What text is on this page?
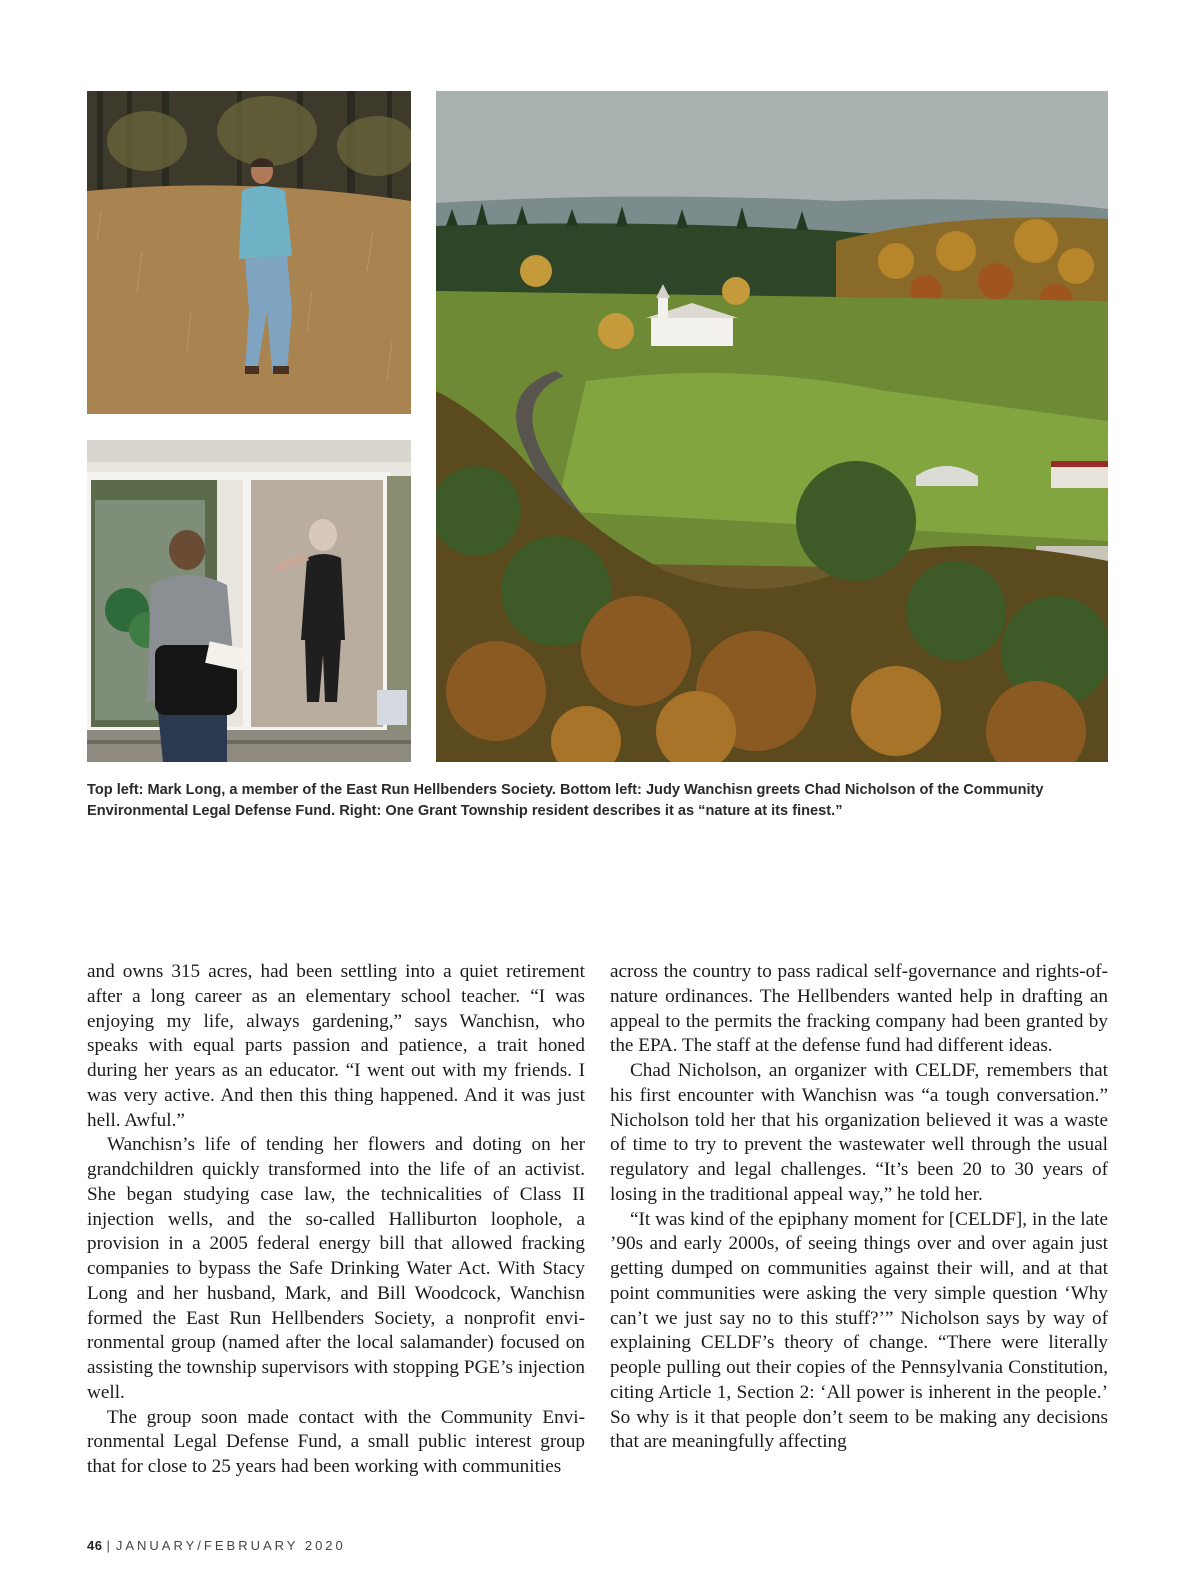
Top left: Mark Long, a member of the East Run Hellbenders Society. Bottom left: Judy Wanchisn greets Chad Nicholson of the Community Environmental Legal Defense Fund. Right: One Grant Township resident describes it as “nature at its finest.”

and owns 315 acres, had been settling into a quiet retirement after a long career as an elementary school teacher. “I was enjoying my life, always gardening,” says Wanchisn, who speaks with equal parts passion and patience, a trait honed during her years as an educator. “I went out with my friends. I was very active. And then this thing happened. And it was just hell. Awful.”

Wanchisn’s life of tending her flowers and doting on her grandchildren quickly transformed into the life of an activist. She began studying case law, the technicalities of Class II injection wells, and the so-called Halliburton loophole, a provision in a 2005 federal energy bill that allowed fracking companies to bypass the Safe Drinking Water Act. With Stacy Long and her husband, Mark, and Bill Woodcock, Wanchisn formed the East Run Hellbenders Society, a nonprofit environmental group (named after the local salamander) focused on assisting the township supervisors with stopping PGE’s injection well.

The group soon made contact with the Community Environmental Legal Defense Fund, a small public interest group that for close to 25 years had been working with communities

across the country to pass radical self-governance and rights-of-nature ordinances. The Hellbenders wanted help in drafting an appeal to the permits the fracking company had been granted by the EPA. The staff at the defense fund had different ideas.

Chad Nicholson, an organizer with CELDF, remembers that his first encounter with Wanchisn was “a tough conversation.” Nicholson told her that his organization believed it was a waste of time to try to prevent the wastewater well through the usual regulatory and legal challenges. “It’s been 20 to 30 years of losing in the traditional appeal way,” he told her.

“It was kind of the epiphany moment for [CELDF], in the late ’90s and early 2000s, of seeing things over and over again just getting dumped on communities against their will, and at that point communities were asking the very simple question ‘Why can’t we just say no to this stuff?’” Nicholson says by way of explaining CELDF’s theory of change. “There were literally people pulling out their copies of the Pennsylvania Constitution, citing Article 1, Section 2: ‘All power is inherent in the people.’ So why is it that people don’t seem to be making any decisions that are meaningfully affecting

46 | JANUARY/FEBRUARY 2020
